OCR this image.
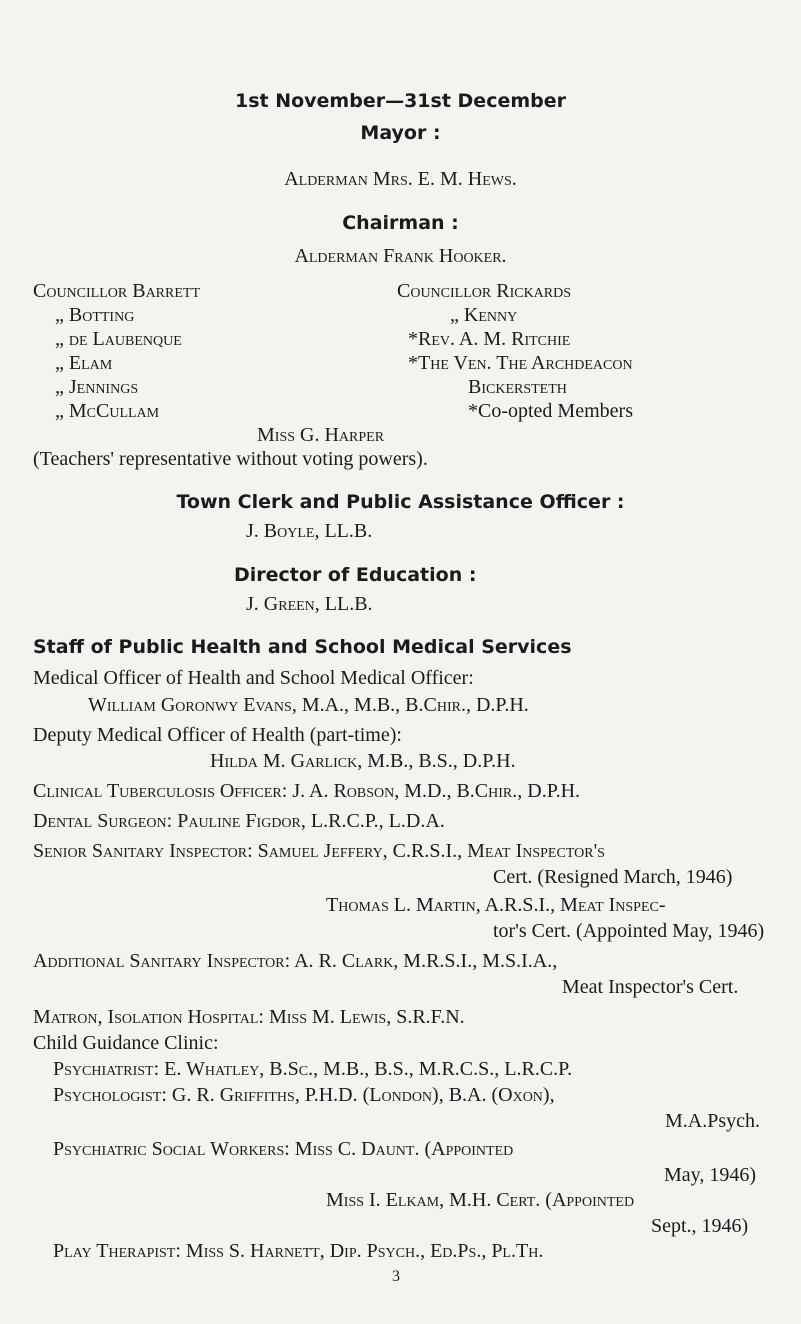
1st November—31st December
Mayor :
Alderman Mrs. E. M. Hews.
Chairman :
Alderman Frank Hooker.
Councillor Barrett
„ Botting
„ de Laubenque
„ Elam
„ Jennings
„ McCullam
Councillor Rickards
„ Kenny
*Rev. A. M. Ritchie
*The Ven. The Archdeacon
Bickersteth
*Co-opted Members
Miss G. Harper
(Teachers' representative without voting powers).
Town Clerk and Public Assistance Officer :
J. Boyle, LL.B.
Director of Education :
J. Green, LL.B.
Staff of Public Health and School Medical Services
Medical Officer of Health and School Medical Officer:
William Goronwy Evans, M.A., M.B., B.Chir., D.P.H.
Deputy Medical Officer of Health (part-time):
Hilda M. Garlick, M.B., B.S., D.P.H.
Clinical Tuberculosis Officer: J. A. Robson, M.D., B.Chir., D.P.H.
Dental Surgeon: Pauline Figdor, L.R.C.P., L.D.A.
Senior Sanitary Inspector: Samuel Jeffery, C.R.S.I., Meat Inspector's
Cert. (Resigned March, 1946)
Thomas L. Martin, A.R.S.I., Meat Inspec-
tor's Cert. (Appointed May, 1946)
Additional Sanitary Inspector: A. R. Clark, M.R.S.I., M.S.I.A.,
Meat Inspector's Cert.
Matron, Isolation Hospital: Miss M. Lewis, S.R.F.N.
Child Guidance Clinic:
Psychiatrist: E. Whatley, B.Sc., M.B., B.S., M.R.C.S., L.R.C.P.
Psychologist: G. R. Griffiths, P.H.D. (London), B.A. (Oxon),
M.A.Psych.
Psychiatric Social Workers: Miss C. Daunt. (Appointed
May, 1946)
Miss I. Elkam, M.H. Cert. (Appointed
Sept., 1946)
Play Therapist: Miss S. Harnett, Dip. Psych., Ed.Ps., Pl.Th.
3
